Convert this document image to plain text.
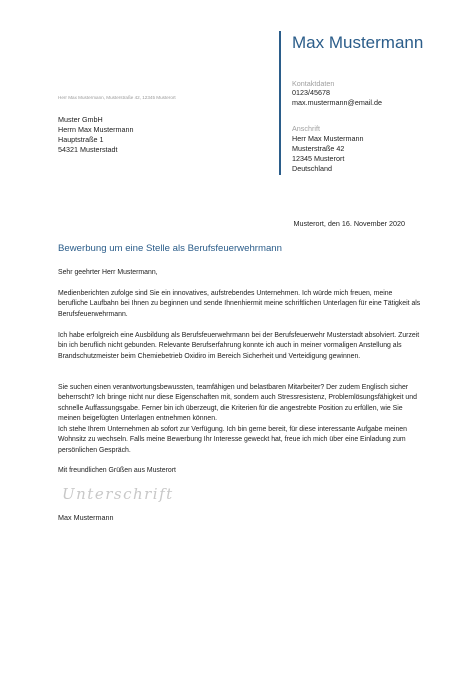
Max Mustermann
Kontaktdaten
0123/45678
max.mustermann@email.de
Anschrift
Herr Max Mustermann
Musterstraße 42
12345 Musterort
Deutschland
Herr Max Mustermann, Musterstraße 42, 12345 Musterort
Muster GmbH
Herrn Max Mustermann
Hauptstraße 1
54321 Musterstadt
Musterort, den 16. November 2020
Bewerbung um eine Stelle als Berufsfeuerwehrmann

Sehr geehrter Herr Mustermann,

Medienberichten zufolge sind Sie ein innovatives, aufstrebendes Unternehmen. Ich würde mich freuen, meine berufliche Laufbahn bei Ihnen zu beginnen und sende Ihnenhiermit meine schriftlichen Unterlagen für eine Tätigkeit als Berufsfeuerwehrmann.

Ich habe erfolgreich eine Ausbildung als Berufsfeuerwehrmann bei der Berufsfeuerwehr Musterstadt absolviert. Zurzeit bin ich beruflich nicht gebunden. Relevante Berufserfahrung konnte ich auch in meiner vormaligen Anstellung als Brandschutzmeister beim Chemiebetrieb Oxidiro im Bereich Sicherheit und Verteidigung gewinnen.

Sie suchen einen verantwortungsbewussten, teamfähigen und belastbaren Mitarbeiter? Der zudem Englisch sicher beherrscht? Ich bringe nicht nur diese Eigenschaften mit, sondern auch Stressresistenz, Problemlösungsfähigkeit und schnelle Auffassungsgabe. Ferner bin ich überzeugt, die Kriterien für die angestrebte Position zu erfüllen, wie Sie meinen beigefügten Unterlagen entnehmen können.

Ich stehe Ihrem Unternehmen ab sofort zur Verfügung. Ich bin gerne bereit, für diese interessante Aufgabe meinen Wohnsitz zu wechseln. Falls meine Bewerbung Ihr Interesse geweckt hat, freue ich mich über eine Einladung zum persönlichen Gespräch.

Mit freundlichen Grüßen aus Musterort

Unterschrift
Max Mustermann
